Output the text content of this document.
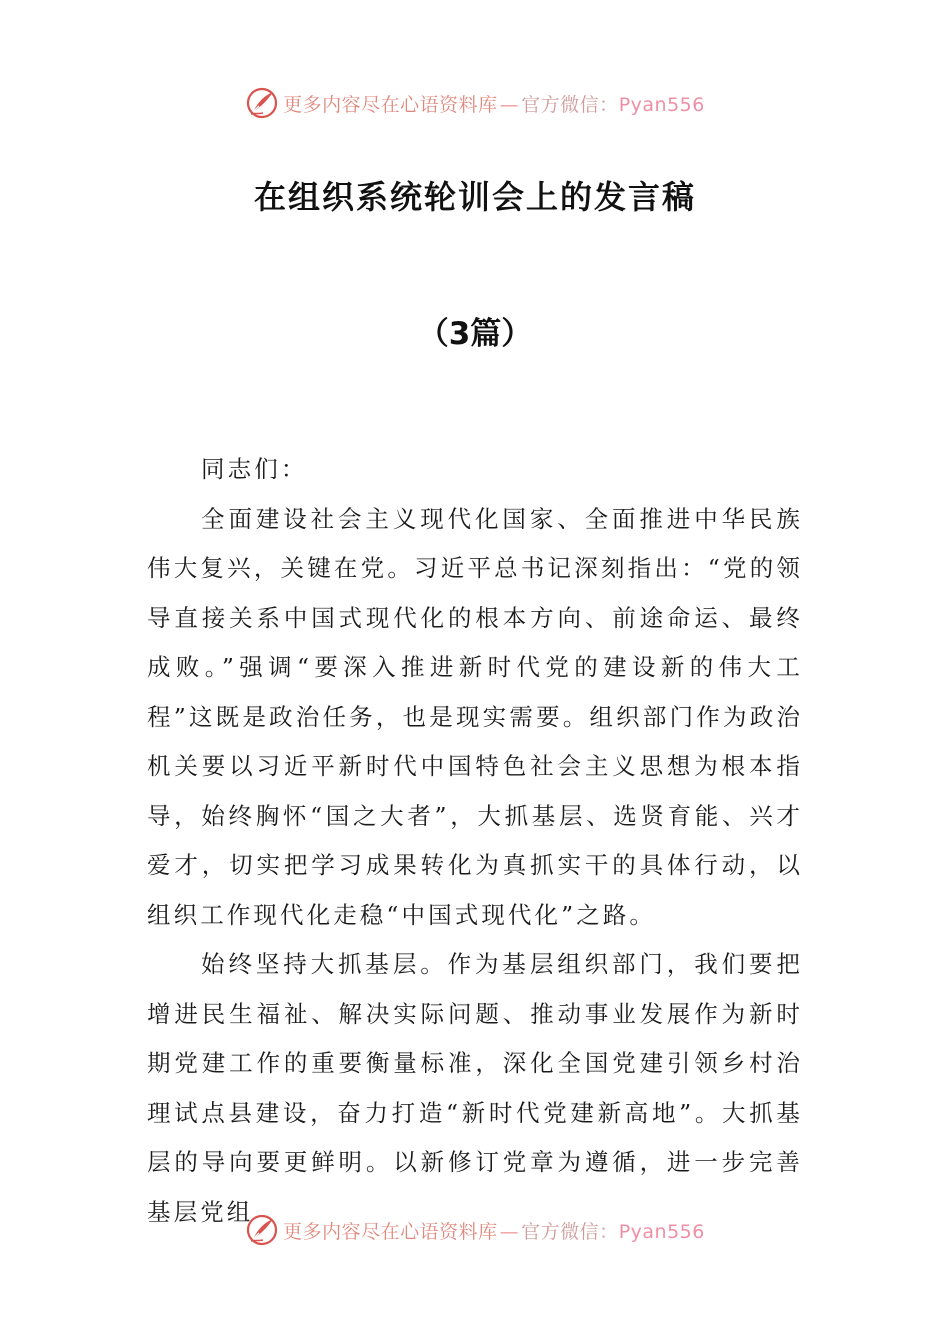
更多内容尽在心语资料库 — 官方微信：Pyan556
在组织系统轮训会上的发言稿
（3篇）

同志们：

全面建设社会主义现代化国家、全面推进中华民族伟大复兴，关键在党。习近平总书记深刻指出：“党的领导直接关系中国式现代化的根本方向、前途命运、最终成败。”强调“要深入推进新时代党的建设新的伟大工程”这既是政治任务，也是现实需要。组织部门作为政治机关要以习近平新时代中国特色社会主义思想为根本指导，始终胸怀“国之大者”，大抓基层、选贤育能、兴才爱才，切实把学习成果转化为真抓实干的具体行动，以组织工作现代化走稳“中国式现代化”之路。

始终坚持大抓基层。作为基层组织部门，我们要把增进民生福祉、解决实际问题、推动事业发展作为新时期党建工作的重要衡量标准，深化全国党建引领乡村治理试点县建设，奋力打造“新时代党建新高地”。大抓基层的导向要更鲜明。以新修订党章为遵循，进一步完善基层党组

更多内容尽在心语资料库 — 官方微信：Pyan556
